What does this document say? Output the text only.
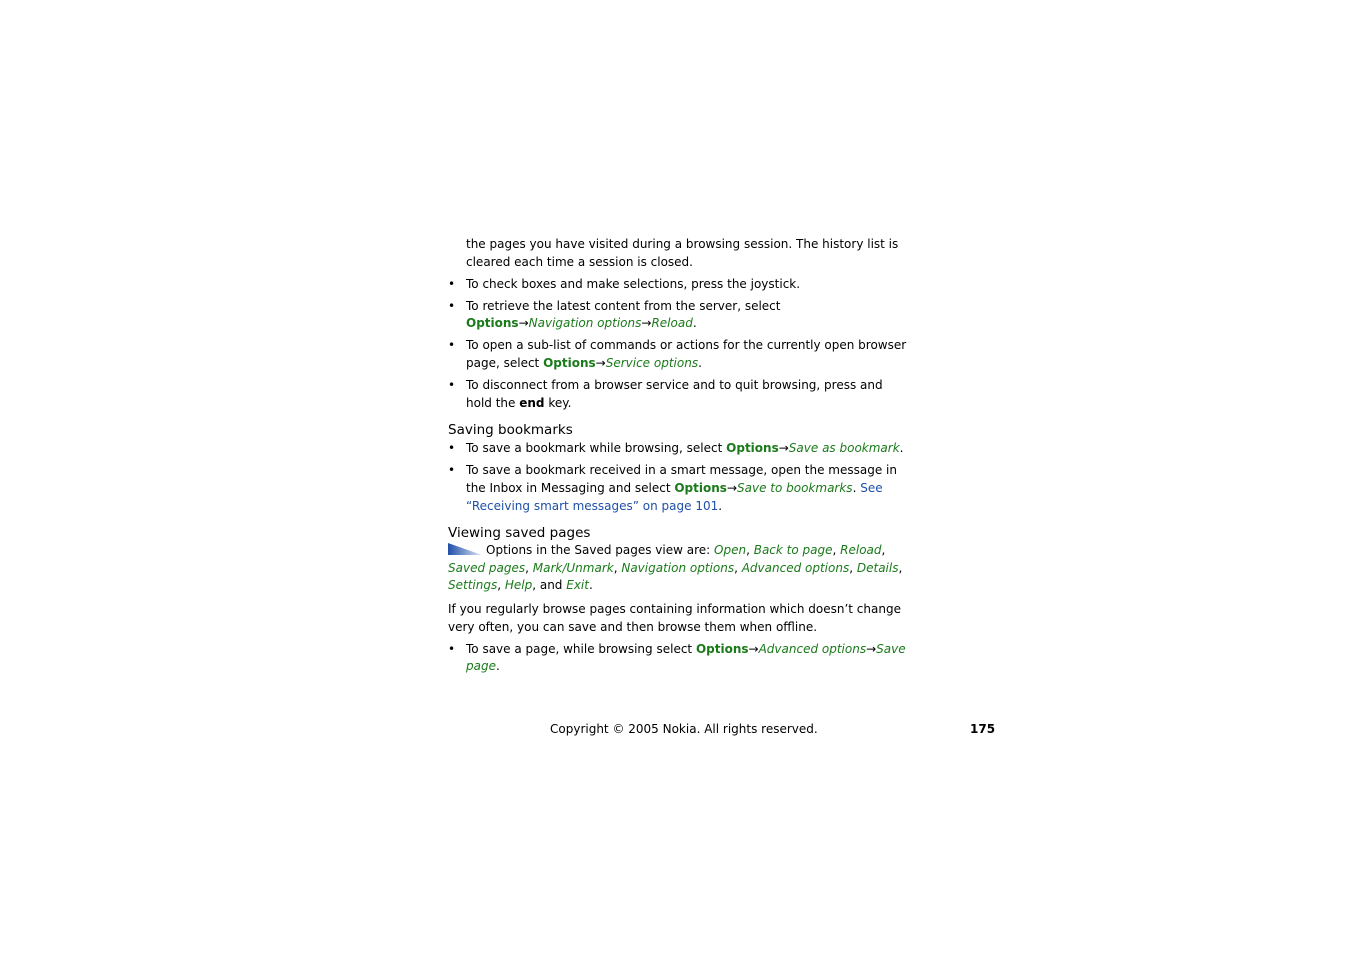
the pages you have visited during a browsing session. The history list is cleared each time a session is closed.

• To check boxes and make selections, press the joystick.
• To retrieve the latest content from the server, select Options→Navigation options→Reload.
• To open a sub-list of commands or actions for the currently open browser page, select Options→Service options.
• To disconnect from a browser service and to quit browsing, press and hold the end key.
Saving bookmarks
• To save a bookmark while browsing, select Options→Save as bookmark.
• To save a bookmark received in a smart message, open the message in the Inbox in Messaging and select Options→Save to bookmarks. See “Receiving smart messages” on page 101.
Viewing saved pages

Options in the Saved pages view are: Open, Back to page, Reload, Saved pages, Mark/Unmark, Navigation options, Advanced options, Details, Settings, Help, and Exit.

If you regularly browse pages containing information which doesn’t change very often, you can save and then browse them when offline.

• To save a page, while browsing select Options→Advanced options→Save page.
Copyright © 2005 Nokia. All rights reserved.	175
